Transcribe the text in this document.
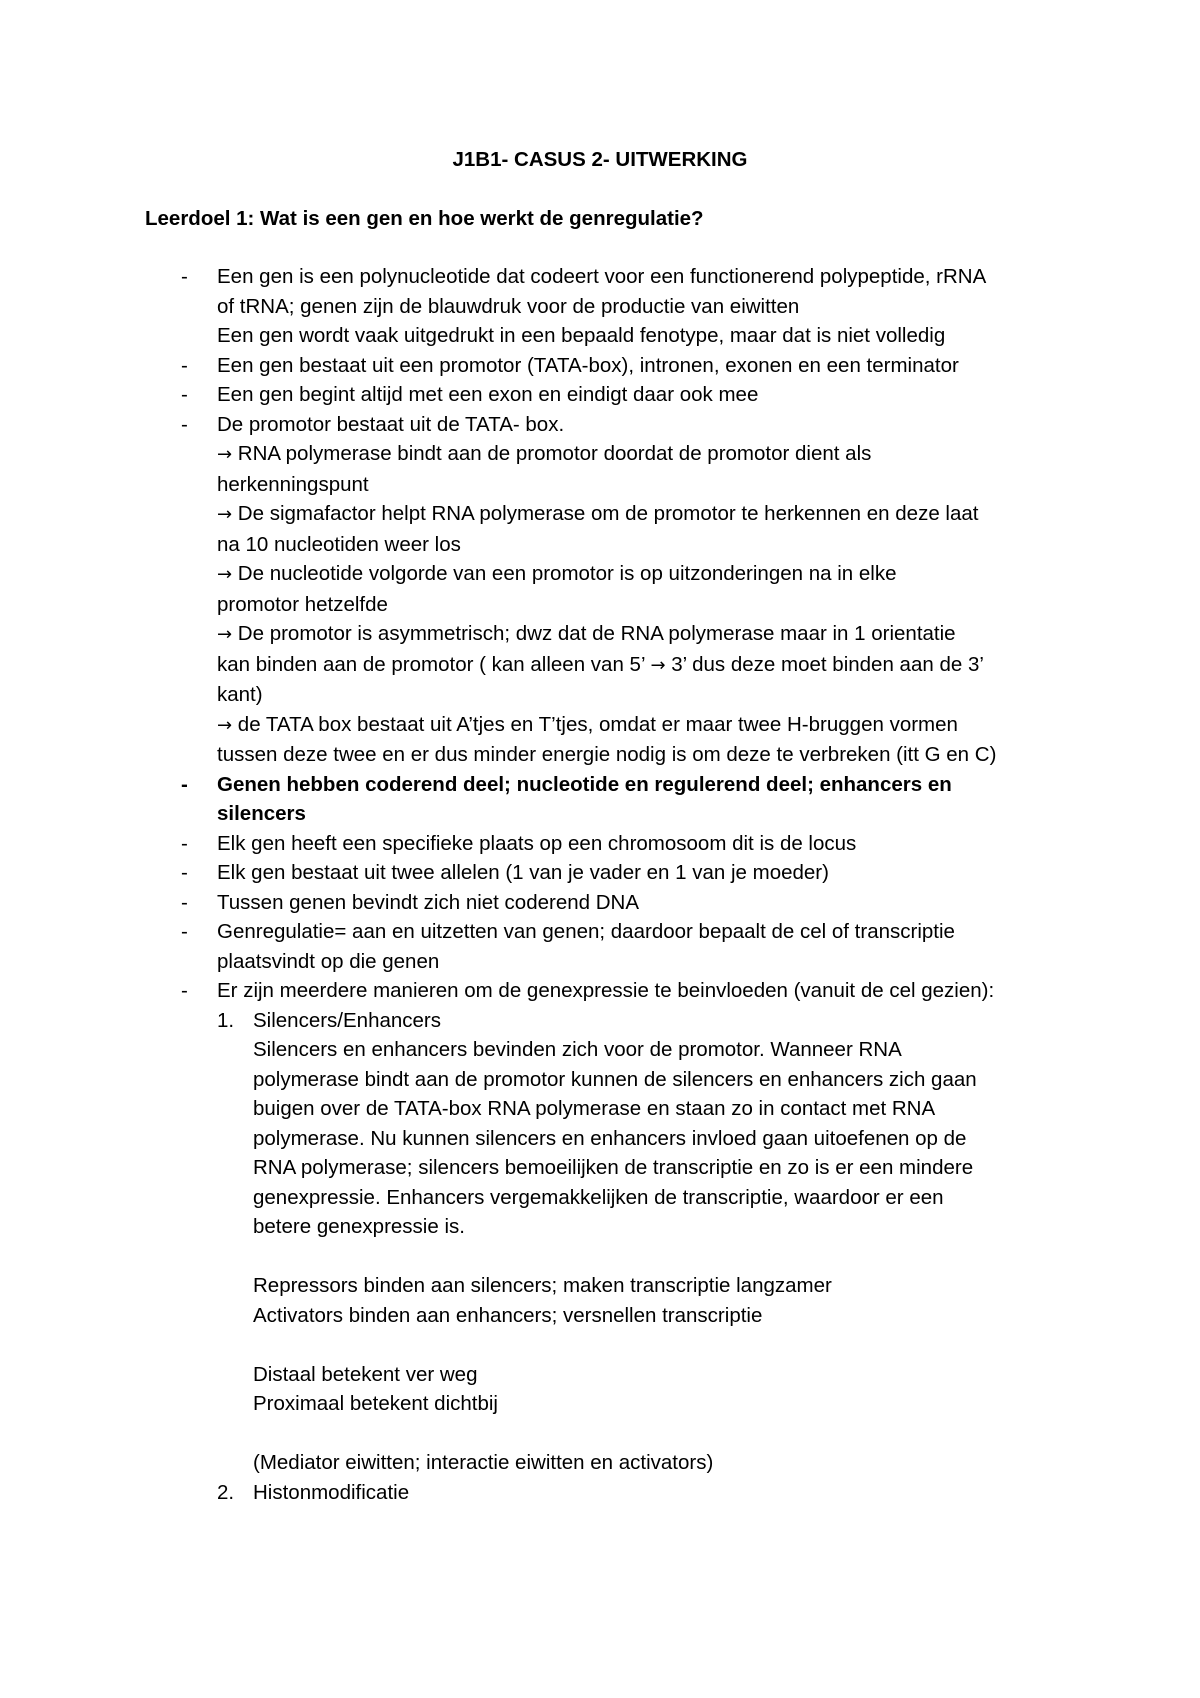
J1B1- CASUS 2- UITWERKING

Leerdoel 1: Wat is een gen en hoe werkt de genregulatie?

- Een gen is een polynucleotide dat codeert voor een functionerend polypeptide, rRNA
of tRNA; genen zijn de blauwdruk voor de productie van eiwitten
Een gen wordt vaak uitgedrukt in een bepaald fenotype, maar dat is niet volledig
- Een gen bestaat uit een promotor (TATA-box), intronen, exonen en een terminator
- Een gen begint altijd met een exon en eindigt daar ook mee
- De promotor bestaat uit de TATA- box.
→ RNA polymerase bindt aan de promotor doordat de promotor dient als
herkenningspunt
→ De sigmafactor helpt RNA polymerase om de promotor te herkennen en deze laat
na 10 nucleotiden weer los
→ De nucleotide volgorde van een promotor is op uitzonderingen na in elke
promotor hetzelfde
→ De promotor is asymmetrisch; dwz dat de RNA polymerase maar in 1 orientatie
kan binden aan de promotor ( kan alleen van 5’ → 3’ dus deze moet binden aan de 3’
kant)
→ de TATA box bestaat uit A’tjes en T’tjes, omdat er maar twee H-bruggen vormen
tussen deze twee en er dus minder energie nodig is om deze te verbreken (itt G en C)
- Genen hebben coderend deel; nucleotide en regulerend deel; enhancers en
silencers
- Elk gen heeft een specifieke plaats op een chromosoom dit is de locus
- Elk gen bestaat uit twee allelen (1 van je vader en 1 van je moeder)
- Tussen genen bevindt zich niet coderend DNA
- Genregulatie= aan en uitzetten van genen; daardoor bepaalt de cel of transcriptie
plaatsvindt op die genen
- Er zijn meerdere manieren om de genexpressie te beinvloeden (vanuit de cel gezien):
1. Silencers/Enhancers
Silencers en enhancers bevinden zich voor de promotor. Wanneer RNA
polymerase bindt aan de promotor kunnen de silencers en enhancers zich gaan
buigen over de TATA-box RNA polymerase en staan zo in contact met RNA
polymerase. Nu kunnen silencers en enhancers invloed gaan uitoefenen op de
RNA polymerase; silencers bemoeilijken de transcriptie en zo is er een mindere
genexpressie. Enhancers vergemakkelijken de transcriptie, waardoor er een
betere genexpressie is.
Repressors binden aan silencers; maken transcriptie langzamer
Activators binden aan enhancers; versnellen transcriptie
Distaal betekent ver weg
Proximaal betekent dichtbij
(Mediator eiwitten; interactie eiwitten en activators)
2. Histonmodificatie
